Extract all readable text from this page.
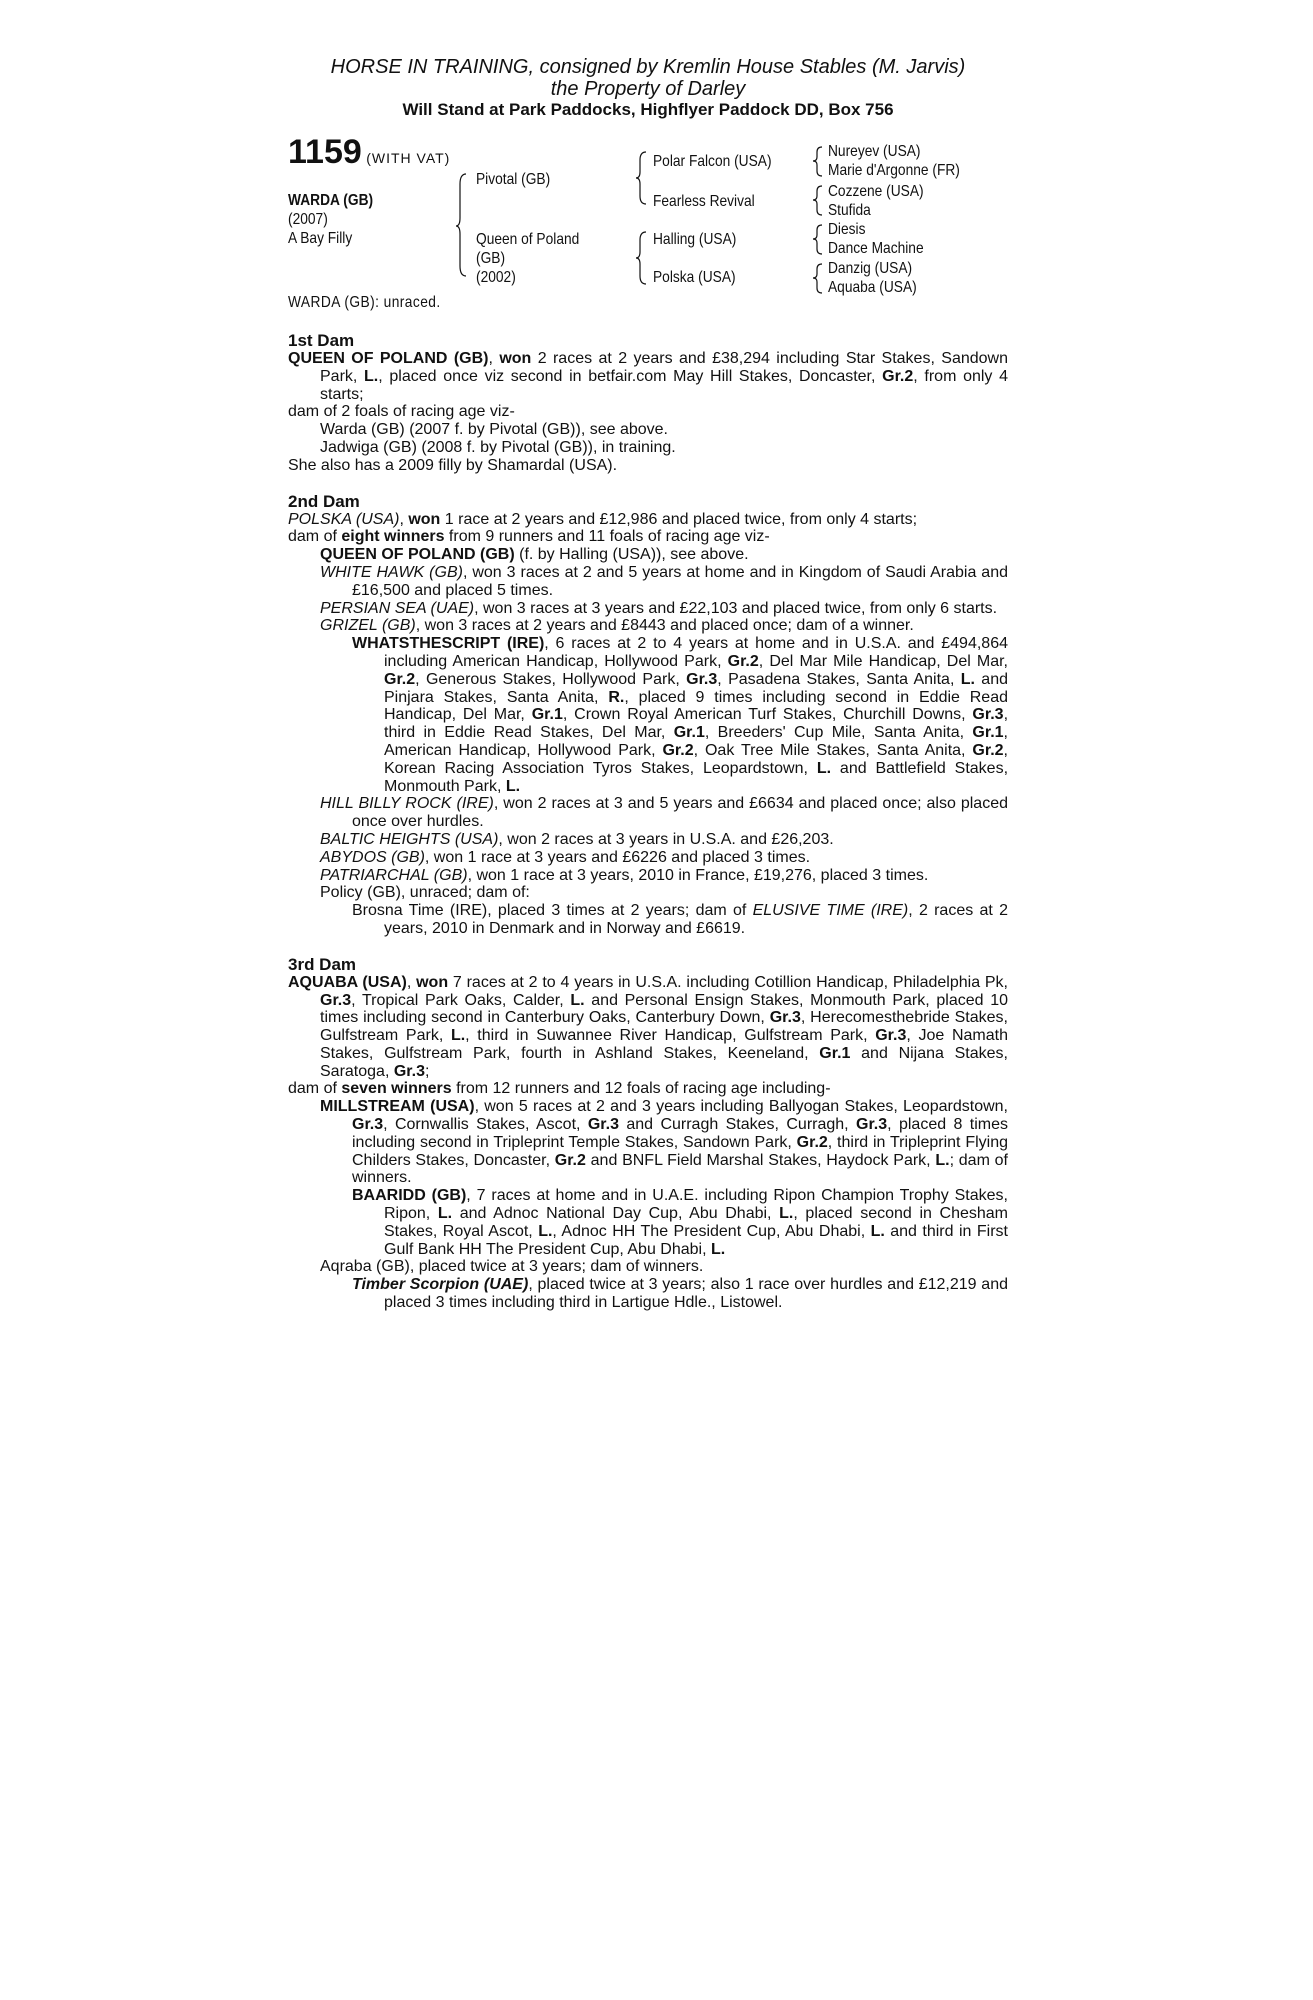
HORSE IN TRAINING, consigned by Kremlin House Stables (M. Jarvis)
the Property of Darley
Will Stand at Park Paddocks, Highflyer Paddock DD, Box 756
1159 (WITH VAT)
WARDA (GB)
(2007)
A Bay Filly
Pivotal (GB)
Queen of Poland
(GB)
(2002)
Polar Falcon (USA)
Fearless Revival
Halling (USA)
Polska (USA)
Nureyev (USA)
Marie d'Argonne (FR)
Cozzene (USA)
Stufida
Diesis
Dance Machine
Danzig (USA)
Aquaba (USA)
WARDA (GB): unraced.
1st Dam

QUEEN OF POLAND (GB), won 2 races at 2 years and £38,294 including Star Stakes, Sandown Park, L., placed once viz second in betfair.com May Hill Stakes, Doncaster, Gr.2, from only 4 starts;

dam of 2 foals of racing age viz-

Warda (GB) (2007 f. by Pivotal (GB)), see above.

Jadwiga (GB) (2008 f. by Pivotal (GB)), in training.

She also has a 2009 filly by Shamardal (USA).

2nd Dam

POLSKA (USA), won 1 race at 2 years and £12,986 and placed twice, from only 4 starts;

dam of eight winners from 9 runners and 11 foals of racing age viz-

QUEEN OF POLAND (GB) (f. by Halling (USA)), see above.

WHITE HAWK (GB), won 3 races at 2 and 5 years at home and in Kingdom of Saudi Arabia and £16,500 and placed 5 times.

PERSIAN SEA (UAE), won 3 races at 3 years and £22,103 and placed twice, from only 6 starts.

GRIZEL (GB), won 3 races at 2 years and £8443 and placed once; dam of a winner.

WHATSTHESCRIPT (IRE), 6 races at 2 to 4 years at home and in U.S.A. and £494,864 including American Handicap, Hollywood Park, Gr.2, Del Mar Mile Handicap, Del Mar, Gr.2, Generous Stakes, Hollywood Park, Gr.3, Pasadena Stakes, Santa Anita, L. and Pinjara Stakes, Santa Anita, R., placed 9 times including second in Eddie Read Handicap, Del Mar, Gr.1, Crown Royal American Turf Stakes, Churchill Downs, Gr.3, third in Eddie Read Stakes, Del Mar, Gr.1, Breeders' Cup Mile, Santa Anita, Gr.1, American Handicap, Hollywood Park, Gr.2, Oak Tree Mile Stakes, Santa Anita, Gr.2, Korean Racing Association Tyros Stakes, Leopardstown, L. and Battlefield Stakes, Monmouth Park, L.

HILL BILLY ROCK (IRE), won 2 races at 3 and 5 years and £6634 and placed once; also placed once over hurdles.

BALTIC HEIGHTS (USA), won 2 races at 3 years in U.S.A. and £26,203.

ABYDOS (GB), won 1 race at 3 years and £6226 and placed 3 times.

PATRIARCHAL (GB), won 1 race at 3 years, 2010 in France, £19,276, placed 3 times.

Policy (GB), unraced; dam of:

Brosna Time (IRE), placed 3 times at 2 years; dam of ELUSIVE TIME (IRE), 2 races at 2 years, 2010 in Denmark and in Norway and £6619.

3rd Dam

AQUABA (USA), won 7 races at 2 to 4 years in U.S.A. including Cotillion Handicap, Philadelphia Pk, Gr.3, Tropical Park Oaks, Calder, L. and Personal Ensign Stakes, Monmouth Park, placed 10 times including second in Canterbury Oaks, Canterbury Down, Gr.3, Herecomesthebride Stakes, Gulfstream Park, L., third in Suwannee River Handicap, Gulfstream Park, Gr.3, Joe Namath Stakes, Gulfstream Park, fourth in Ashland Stakes, Keeneland, Gr.1 and Nijana Stakes, Saratoga, Gr.3;

dam of seven winners from 12 runners and 12 foals of racing age including-

MILLSTREAM (USA), won 5 races at 2 and 3 years including Ballyogan Stakes, Leopardstown, Gr.3, Cornwallis Stakes, Ascot, Gr.3 and Curragh Stakes, Curragh, Gr.3, placed 8 times including second in Tripleprint Temple Stakes, Sandown Park, Gr.2, third in Tripleprint Flying Childers Stakes, Doncaster, Gr.2 and BNFL Field Marshal Stakes, Haydock Park, L.; dam of winners.

BAARIDD (GB), 7 races at home and in U.A.E. including Ripon Champion Trophy Stakes, Ripon, L. and Adnoc National Day Cup, Abu Dhabi, L., placed second in Chesham Stakes, Royal Ascot, L., Adnoc HH The President Cup, Abu Dhabi, L. and third in First Gulf Bank HH The President Cup, Abu Dhabi, L.

Aqraba (GB), placed twice at 3 years; dam of winners.

Timber Scorpion (UAE), placed twice at 3 years; also 1 race over hurdles and £12,219 and placed 3 times including third in Lartigue Hdle., Listowel.
